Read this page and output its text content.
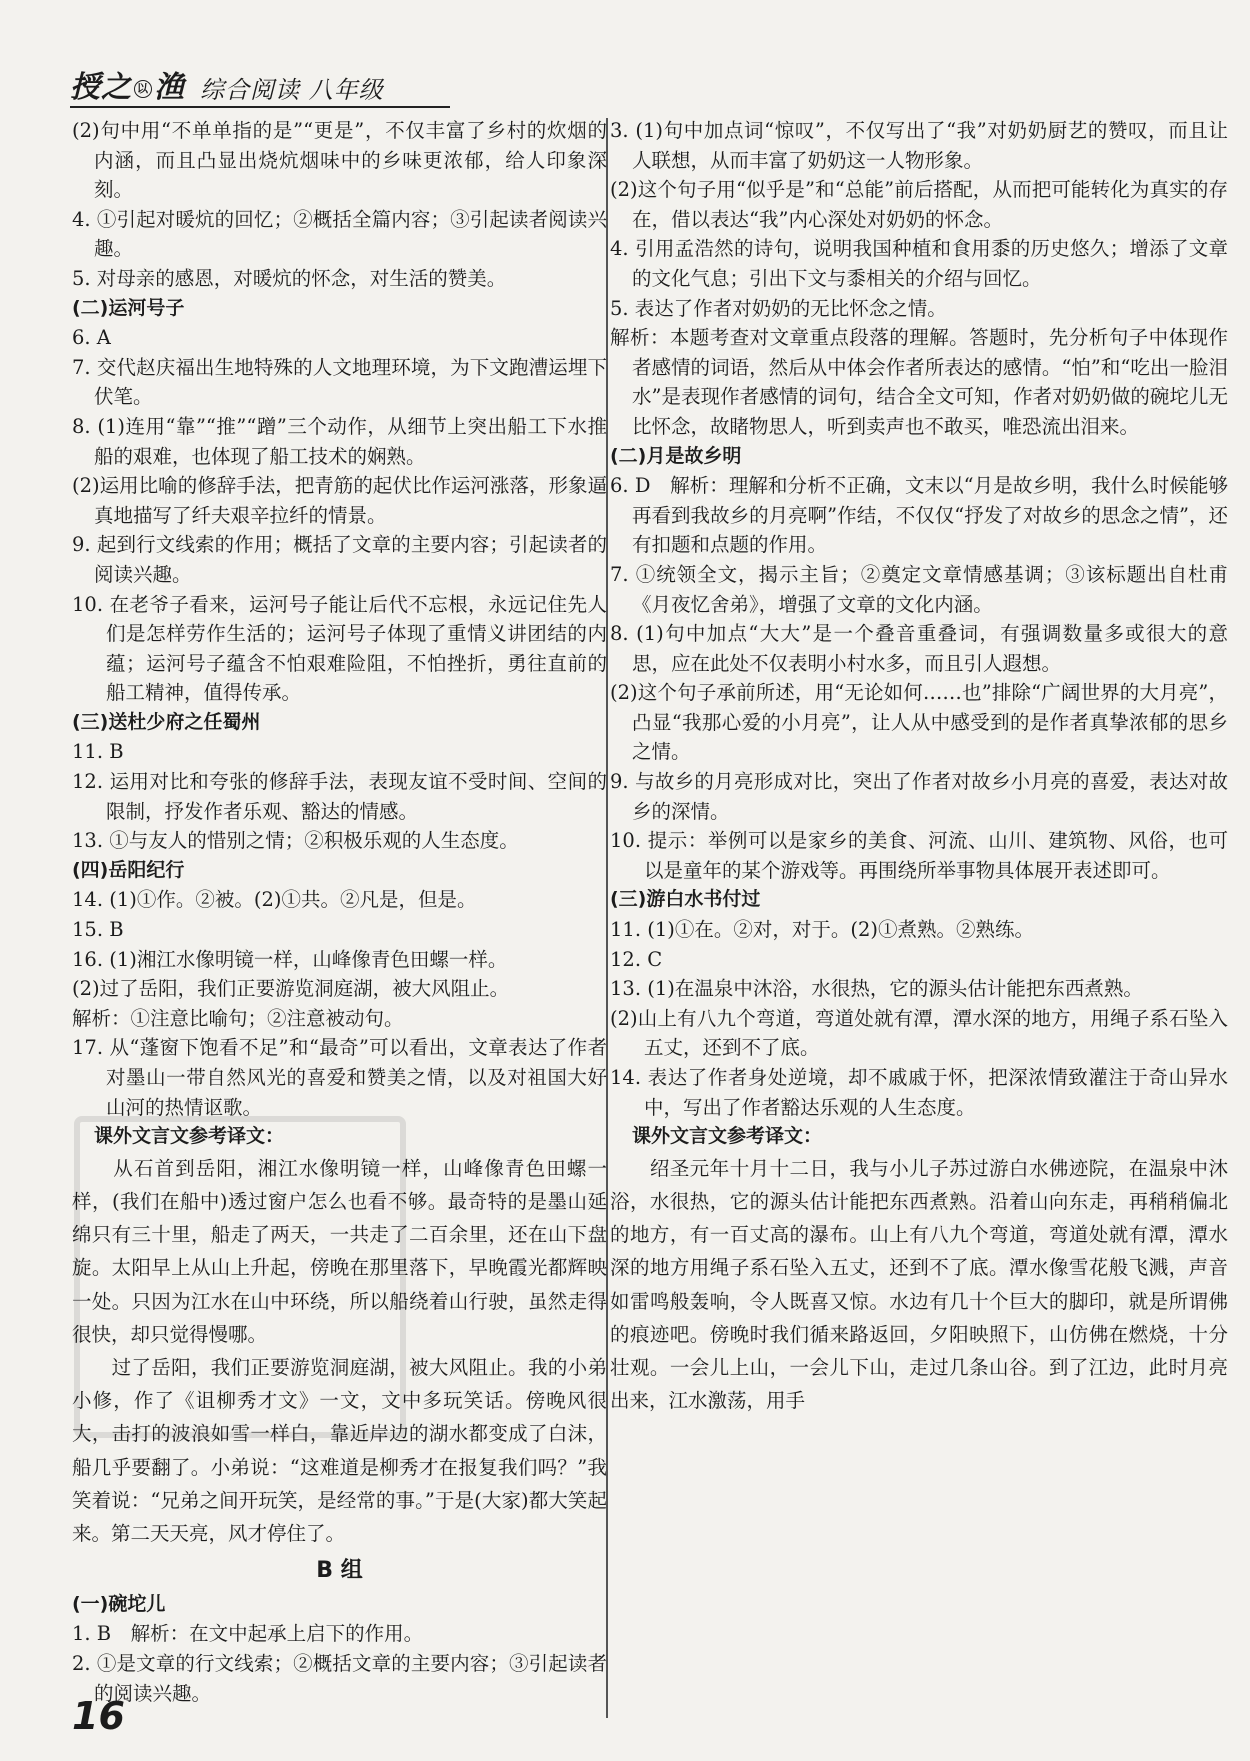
授之 以 渔 综合阅读 八年级
(2)句中用“不单单指的是”“更是”，不仅丰富了乡村的炊烟的内涵，而且凸显出烧炕烟味中的乡味更浓郁，给人印象深刻。
4. ①引起对暖炕的回忆；②概括全篇内容；③引起读者阅读兴趣。
5. 对母亲的感恩，对暖炕的怀念，对生活的赞美。
(二)运河号子
6. A
7. 交代赵庆福出生地特殊的人文地理环境，为下文跑漕运埋下伏笔。
8. (1)连用“靠”“推”“蹭”三个动作，从细节上突出船工下水推船的艰难，也体现了船工技术的娴熟。
(2)运用比喻的修辞手法，把青筋的起伏比作运河涨落，形象逼真地描写了纤夫艰辛拉纤的情景。
9. 起到行文线索的作用；概括了文章的主要内容；引起读者的阅读兴趣。
10. 在老爷子看来，运河号子能让后代不忘根，永远记住先人们是怎样劳作生活的；运河号子体现了重情义讲团结的内蕴；运河号子蕴含不怕艰难险阻，不怕挫折，勇往直前的船工精神，值得传承。
(三)送杜少府之任蜀州
11. B
12. 运用对比和夸张的修辞手法，表现友谊不受时间、空间的限制，抒发作者乐观、豁达的情感。
13. ①与友人的惜别之情；②积极乐观的人生态度。
(四)岳阳纪行
14. (1)①作。②被。(2)①共。②凡是，但是。
15. B
16. (1)湘江水像明镜一样，山峰像青色田螺一样。
(2)过了岳阳，我们正要游览洞庭湖，被大风阻止。
解析：①注意比喻句；②注意被动句。
17. 从“蓬窗下饱看不足”和“最奇”可以看出，文章表达了作者对墨山一带自然风光的喜爱和赞美之情，以及对祖国大好山河的热情讴歌。
课外文言文参考译文：
　　从石首到岳阳，湘江水像明镜一样，山峰像青色田螺一样，(我们在船中)透过窗户怎么也看不够。最奇特的是墨山延绵只有三十里，船走了两天，一共走了二百余里，还在山下盘旋。太阳早上从山上升起，傍晚在那里落下，早晚霞光都辉映一处。只因为江水在山中环绕，所以船绕着山行驶，虽然走得很快，却只觉得慢哪。
　　过了岳阳，我们正要游览洞庭湖，被大风阻止。我的小弟小修，作了《诅柳秀才文》一文，文中多玩笑话。傍晚风很大，击打的波浪如雪一样白，靠近岸边的湖水都变成了白沫，船几乎要翻了。小弟说：“这难道是柳秀才在报复我们吗？”我笑着说：“兄弟之间开玩笑，是经常的事。”于是(大家)都大笑起来。第二天天亮，风才停住了。
B 组
(一)碗坨儿
1. B　解析：在文中起承上启下的作用。
2. ①是文章的行文线索；②概括文章的主要内容；③引起读者的阅读兴趣。
3. (1)句中加点词“惊叹”，不仅写出了“我”对奶奶厨艺的赞叹，而且让人联想，从而丰富了奶奶这一人物形象。
(2)这个句子用“似乎是”和“总能”前后搭配，从而把可能转化为真实的存在，借以表达“我”内心深处对奶奶的怀念。
4. 引用孟浩然的诗句，说明我国种植和食用黍的历史悠久；增添了文章的文化气息；引出下文与黍相关的介绍与回忆。
5. 表达了作者对奶奶的无比怀念之情。
解析：本题考查对文章重点段落的理解。答题时，先分析句子中体现作者感情的词语，然后从中体会作者所表达的感情。“怕”和“吃出一脸泪水”是表现作者感情的词句，结合全文可知，作者对奶奶做的碗坨儿无比怀念，故睹物思人，听到卖声也不敢买，唯恐流出泪来。
(二)月是故乡明
6. D　解析：理解和分析不正确，文末以“月是故乡明，我什么时候能够再看到我故乡的月亮啊”作结，不仅仅“抒发了对故乡的思念之情”，还有扣题和点题的作用。
7. ①统领全文，揭示主旨；②奠定文章情感基调；③该标题出自杜甫《月夜忆舍弟》，增强了文章的文化内涵。
8. (1)句中加点“大大”是一个叠音重叠词，有强调数量多或很大的意思，应在此处不仅表明小村水多，而且引人遐想。
(2)这个句子承前所述，用“无论如何……也”排除“广阔世界的大月亮”，凸显“我那心爱的小月亮”，让人从中感受到的是作者真挚浓郁的思乡之情。
9. 与故乡的月亮形成对比，突出了作者对故乡小月亮的喜爱，表达对故乡的深情。
10. 提示：举例可以是家乡的美食、河流、山川、建筑物、风俗，也可以是童年的某个游戏等。再围绕所举事物具体展开表述即可。
(三)游白水书付过
11. (1)①在。②对，对于。(2)①煮熟。②熟练。
12. C
13. (1)在温泉中沐浴，水很热，它的源头估计能把东西煮熟。
(2)山上有八九个弯道，弯道处就有潭，潭水深的地方，用绳子系石坠入五丈，还到不了底。
14. 表达了作者身处逆境，却不戚戚于怀，把深浓情致灌注于奇山异水中，写出了作者豁达乐观的人生态度。
课外文言文参考译文：
　　绍圣元年十月十二日，我与小儿子苏过游白水佛迹院，在温泉中沐浴，水很热，它的源头估计能把东西煮熟。沿着山向东走，再稍稍偏北的地方，有一百丈高的瀑布。山上有八九个弯道，弯道处就有潭，潭水深的地方用绳子系石坠入五丈，还到不了底。潭水像雪花般飞溅，声音如雷鸣般轰响，令人既喜又惊。水边有几十个巨大的脚印，就是所谓佛的痕迹吧。傍晚时我们循来路返回，夕阳映照下，山仿佛在燃烧，十分壮观。一会儿上山，一会儿下山，走过几条山谷。到了江边，此时月亮出来，江水激荡，用手
16
